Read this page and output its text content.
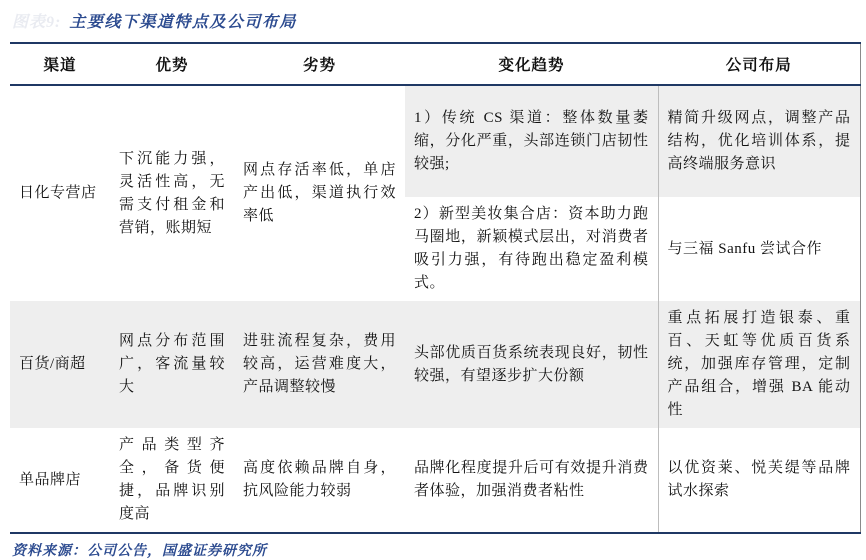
图表9: 主要线下渠道特点及公司布局
渠道	优势	劣势	变化趋势	公司布局
日化专营店	下沉能力强，灵活性高，无需支付租金和营销，账期短	网点存活率低，单店产出低，渠道执行效率低	1）传统 CS 渠道：整体数量萎缩，分化严重，头部连锁门店韧性较强;	精简升级网点，调整产品结构，优化培训体系，提高终端服务意识
			2）新型美妆集合店：资本助力跑马圈地，新颖模式层出，对消费者吸引力强，有待跑出稳定盈利模式。	与三福 Sanfu 尝试合作
百货/商超	网点分布范围广，客流量较大	进驻流程复杂，费用较高，运营难度大，产品调整较慢	头部优质百货系统表现良好，韧性较强，有望逐步扩大份额	重点拓展打造银泰、重百、天虹等优质百货系统，加强库存管理，定制产品组合，增强 BA 能动性
单品牌店	产品类型齐全，备货便捷，品牌识别度高	高度依赖品牌自身，抗风险能力较弱	品牌化程度提升后可有效提升消费者体验，加强消费者粘性	以优资莱、悦芙缇等品牌试水探索
资料来源：公司公告，国盛证券研究所
